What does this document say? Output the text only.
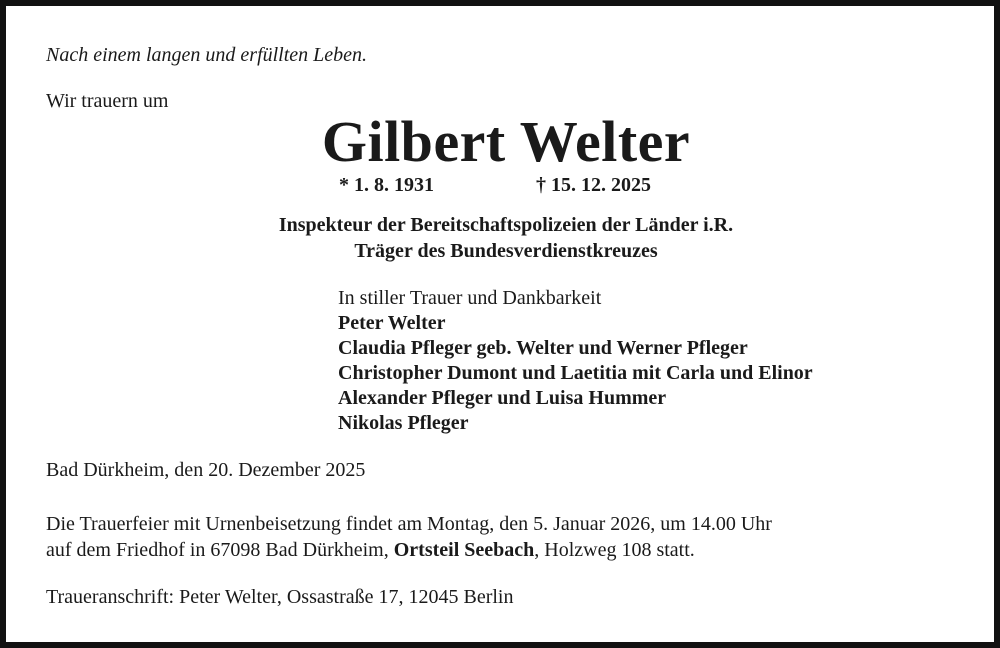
Nach einem langen und erfüllten Leben.
Wir trauern um
Gilbert Welter
* 1. 8. 1931	† 15. 12. 2025
Inspekteur der Bereitschaftspolizeien der Länder i.R.
Träger des Bundesverdienstkreuzes
In stiller Trauer und Dankbarkeit
Peter Welter
Claudia Pfleger geb. Welter und Werner Pfleger
Christopher Dumont und Laetitia mit Carla und Elinor
Alexander Pfleger und Luisa Hummer
Nikolas Pfleger
Bad Dürkheim, den 20. Dezember 2025
Die Trauerfeier mit Urnenbeisetzung findet am Montag, den 5. Januar 2026, um 14.00 Uhr
auf dem Friedhof in 67098 Bad Dürkheim, Ortsteil Seebach, Holzweg 108 statt.
Traueranschrift: Peter Welter, Ossastraße 17, 12045 Berlin
